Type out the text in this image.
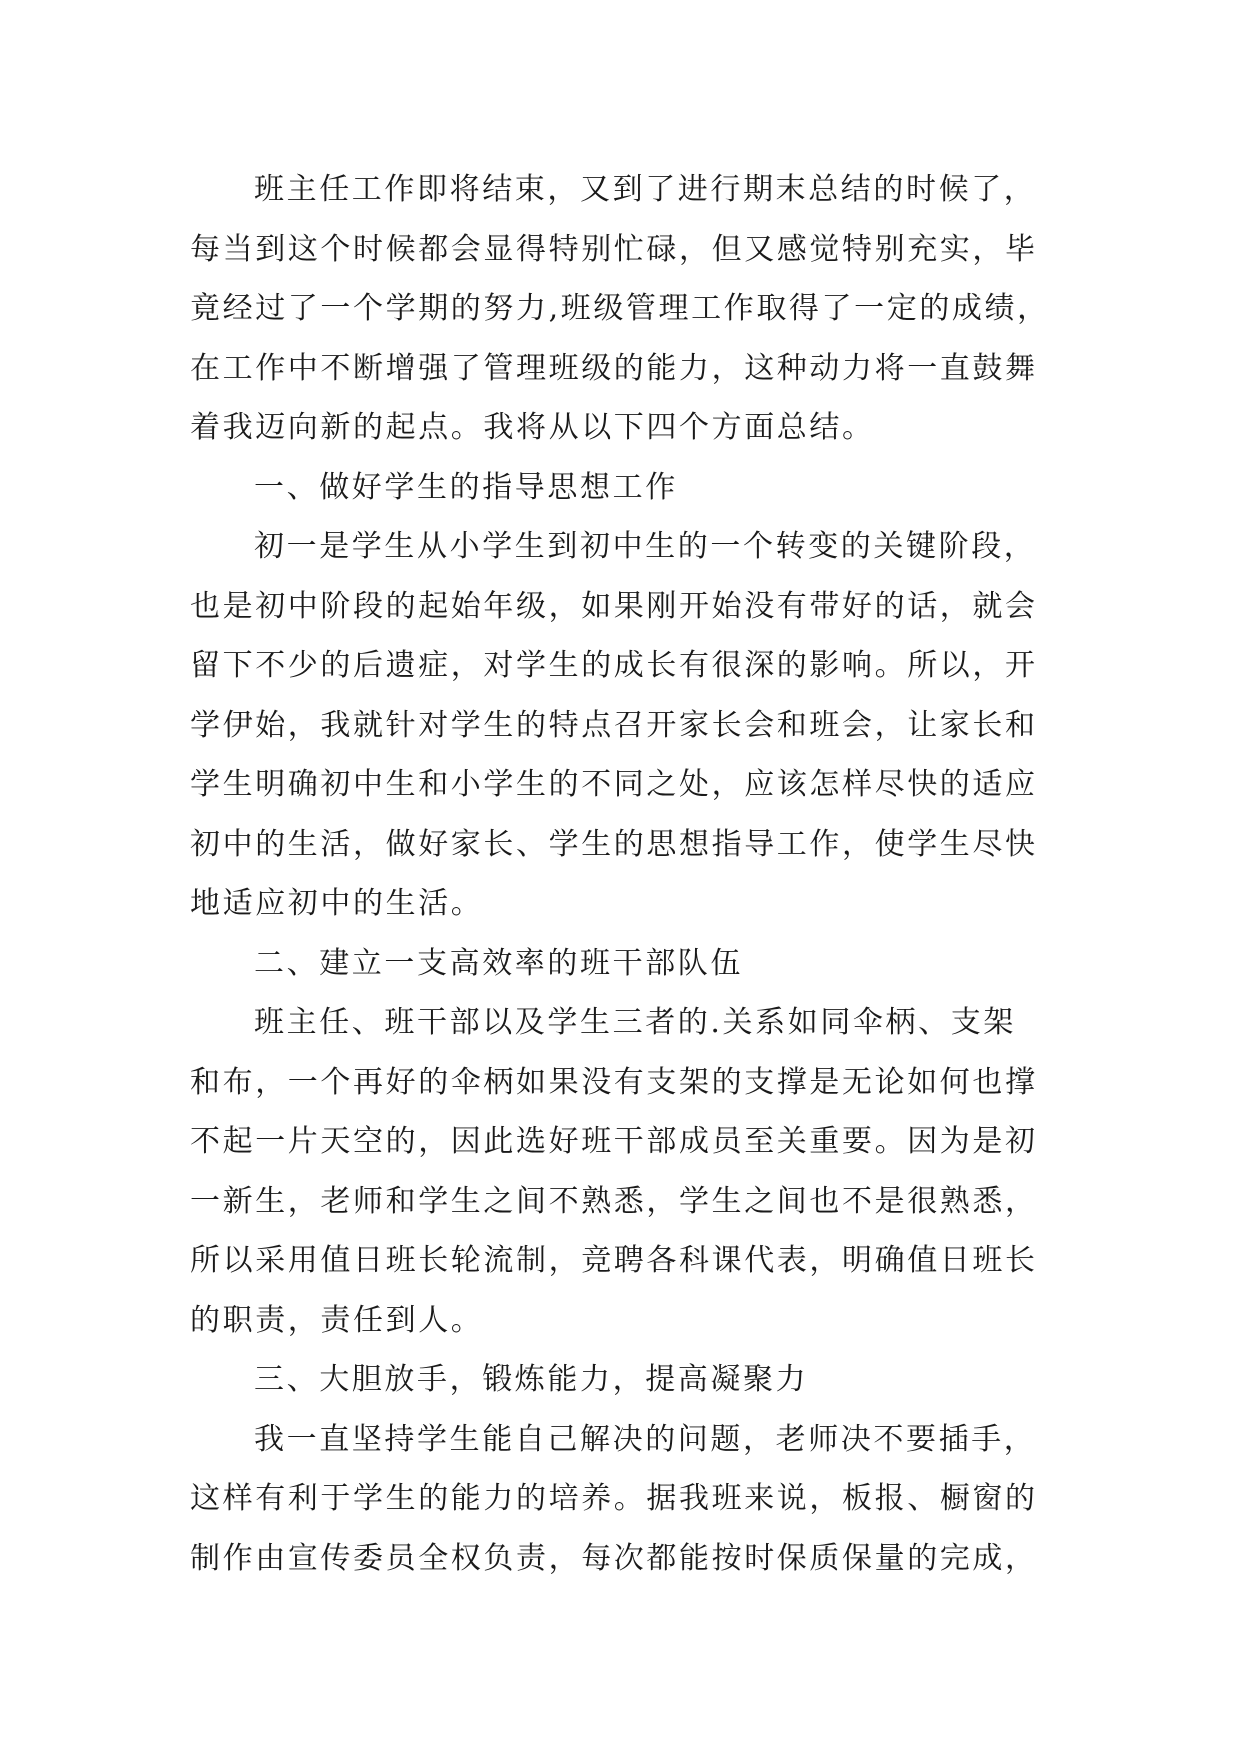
班主任工作即将结束，又到了进行期末总结的时候了，
每当到这个时候都会显得特别忙碌，但又感觉特别充实，毕
竟经过了一个学期的努力,班级管理工作取得了一定的成绩，
在工作中不断增强了管理班级的能力，这种动力将一直鼓舞
着我迈向新的起点。我将从以下四个方面总结。
一、做好学生的指导思想工作
初一是学生从小学生到初中生的一个转变的关键阶段，
也是初中阶段的起始年级，如果刚开始没有带好的话，就会
留下不少的后遗症，对学生的成长有很深的影响。所以，开
学伊始，我就针对学生的特点召开家长会和班会，让家长和
学生明确初中生和小学生的不同之处，应该怎样尽快的适应
初中的生活，做好家长、学生的思想指导工作，使学生尽快
地适应初中的生活。
二、建立一支高效率的班干部队伍
班主任、班干部以及学生三者的.关系如同伞柄、支架
和布，一个再好的伞柄如果没有支架的支撑是无论如何也撑
不起一片天空的，因此选好班干部成员至关重要。因为是初
一新生，老师和学生之间不熟悉，学生之间也不是很熟悉，
所以采用值日班长轮流制，竞聘各科课代表，明确值日班长
的职责，责任到人。
三、大胆放手，锻炼能力，提高凝聚力
我一直坚持学生能自己解决的问题，老师决不要插手，
这样有利于学生的能力的培养。据我班来说，板报、橱窗的
制作由宣传委员全权负责，每次都能按时保质保量的完成，
